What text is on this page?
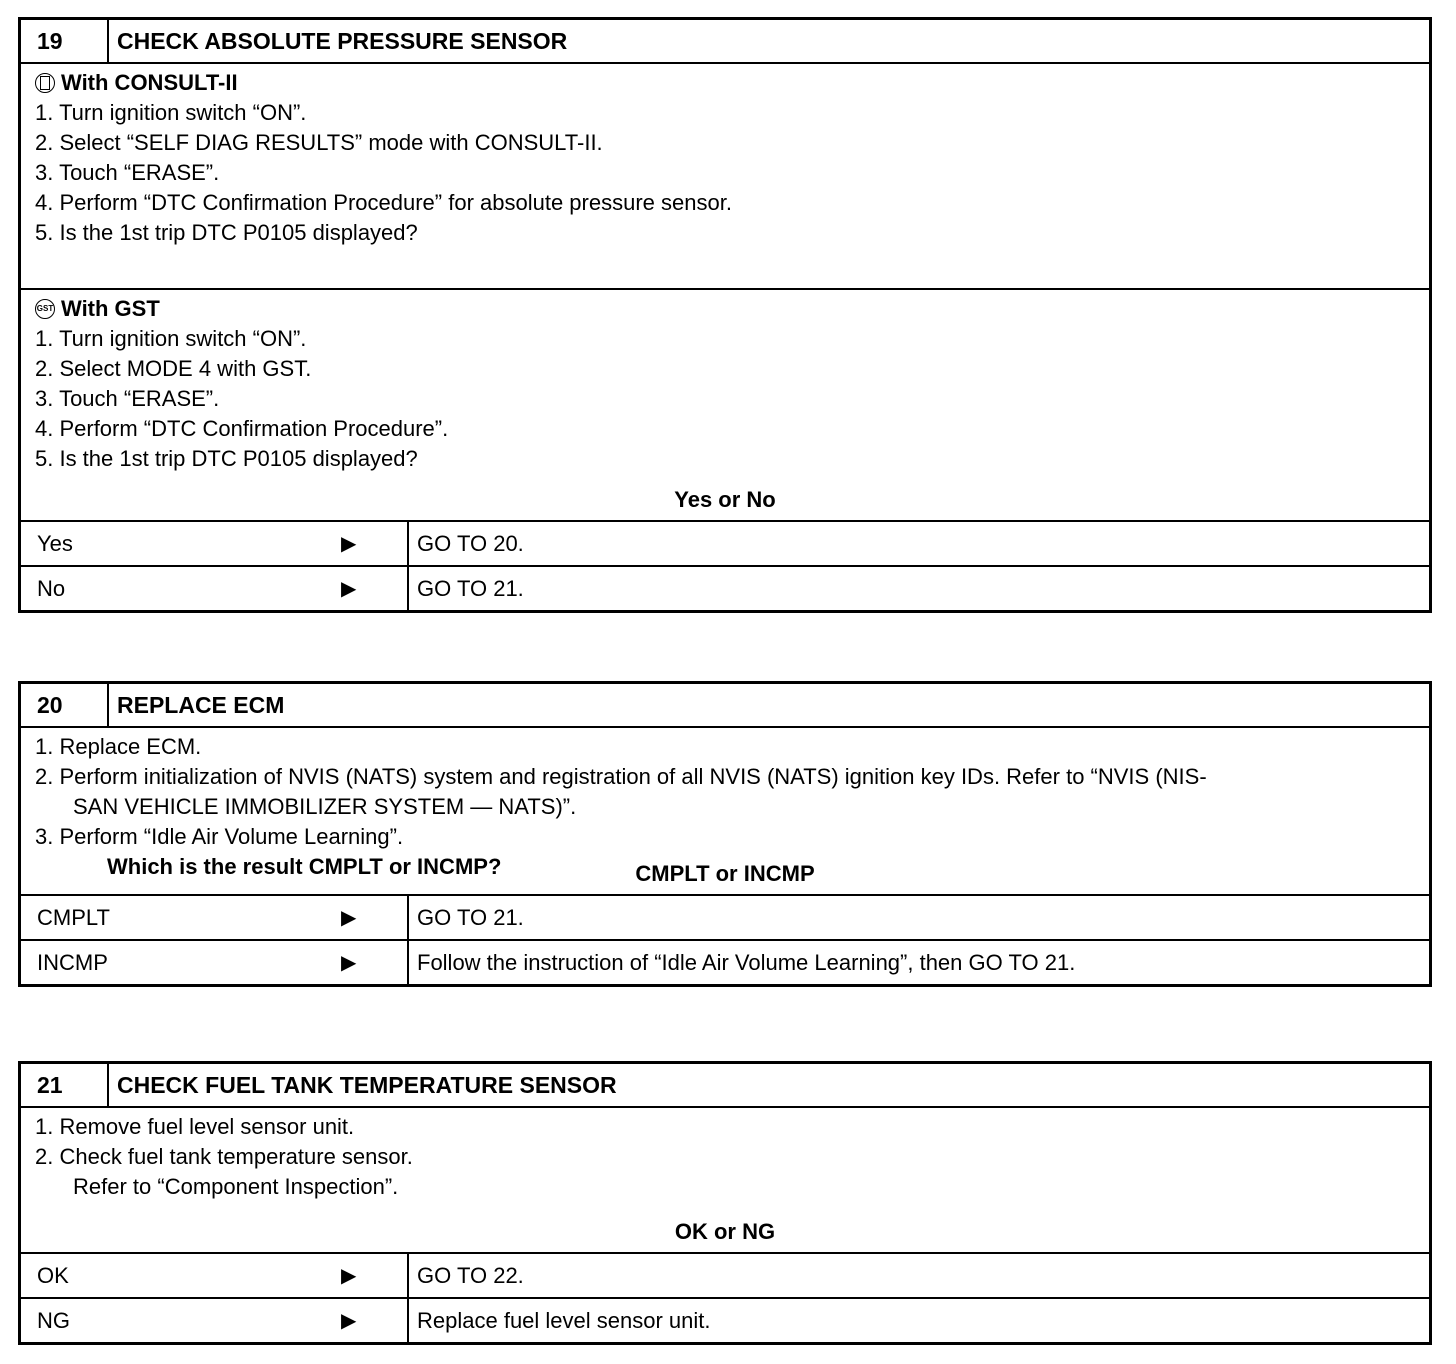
19	CHECK ABSOLUTE PRESSURE SENSOR
With CONSULT-II
1. Turn ignition switch “ON”.
2. Select “SELF DIAG RESULTS” mode with CONSULT-II.
3. Touch “ERASE”.
4. Perform “DTC Confirmation Procedure” for absolute pressure sensor.
5. Is the 1st trip DTC P0105 displayed?
GST With GST
1. Turn ignition switch “ON”.
2. Select MODE 4 with GST.
3. Touch “ERASE”.
4. Perform “DTC Confirmation Procedure”.
5. Is the 1st trip DTC P0105 displayed?
Yes or No
Yes	▶	GO TO 20.
No	▶	GO TO 21.
20	REPLACE ECM
1. Replace ECM.
2. Perform initialization of NVIS (NATS) system and registration of all NVIS (NATS) ignition key IDs. Refer to “NVIS (NIS-
SAN VEHICLE IMMOBILIZER SYSTEM — NATS)”.
3. Perform “Idle Air Volume Learning”.
Which is the result CMPLT or INCMP?	CMPLT or INCMP
CMPLT	▶	GO TO 21.
INCMP	▶	Follow the instruction of “Idle Air Volume Learning”, then GO TO 21.
21	CHECK FUEL TANK TEMPERATURE SENSOR
1. Remove fuel level sensor unit.
2. Check fuel tank temperature sensor.
Refer to “Component Inspection”.
OK or NG
OK	▶	GO TO 22.
NG	▶	Replace fuel level sensor unit.
